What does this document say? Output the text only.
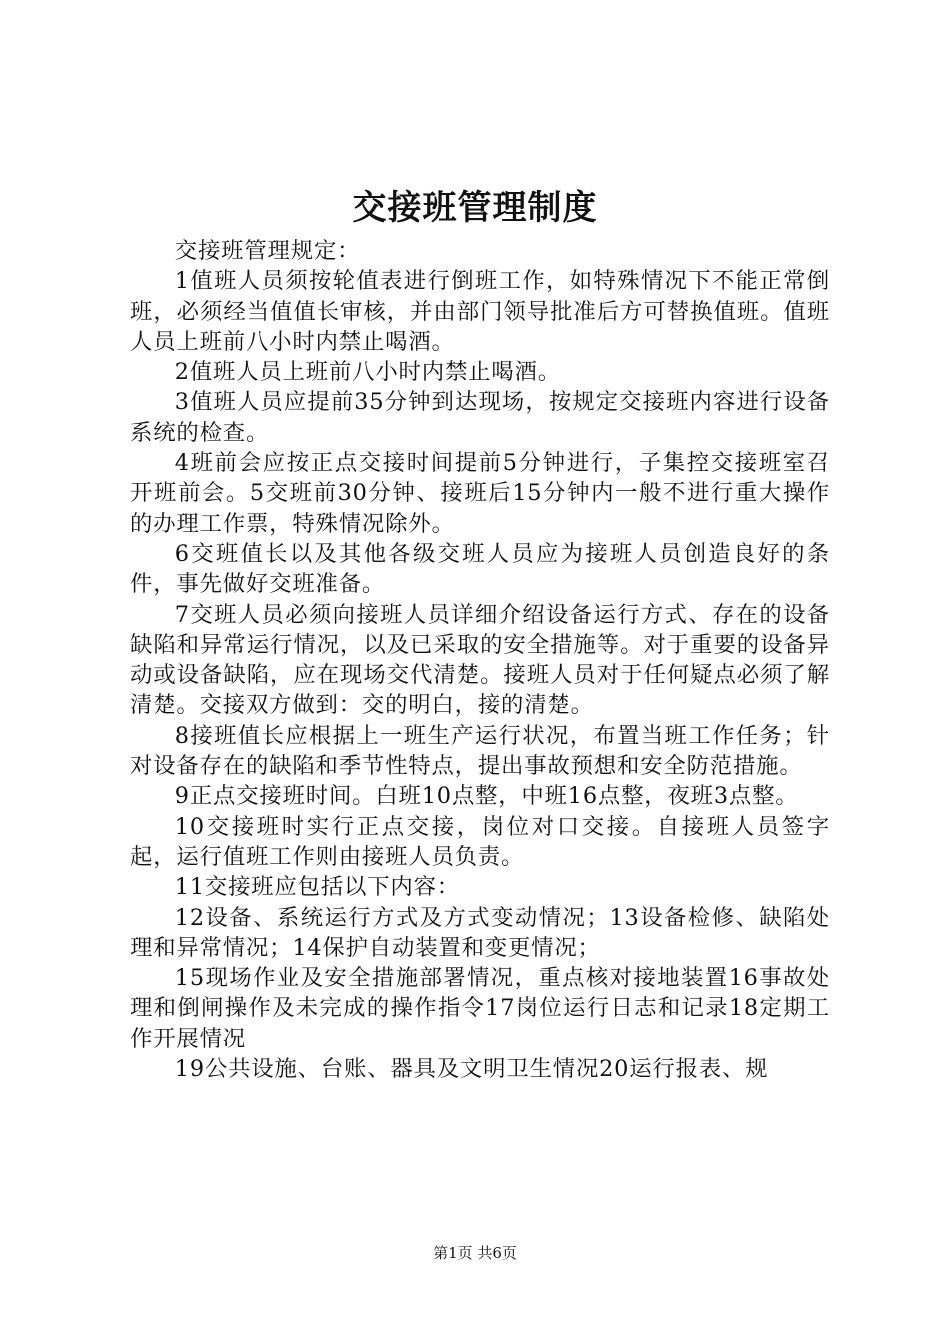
交接班管理制度

交接班管理规定：

1值班人员须按轮值表进行倒班工作，如特殊情况下不能正常倒班，必须经当值值长审核，并由部门领导批准后方可替换值班。值班人员上班前八小时内禁止喝酒。

2值班人员上班前八小时内禁止喝酒。

3值班人员应提前35分钟到达现场，按规定交接班内容进行设备系统的检查。

4班前会应按正点交接时间提前5分钟进行，子集控交接班室召开班前会。5交班前30分钟、接班后15分钟内一般不进行重大操作的办理工作票，特殊情况除外。

6交班值长以及其他各级交班人员应为接班人员创造良好的条件，事先做好交班准备。

7交班人员必须向接班人员详细介绍设备运行方式、存在的设备缺陷和异常运行情况，以及已采取的安全措施等。对于重要的设备异动或设备缺陷，应在现场交代清楚。接班人员对于任何疑点必须了解清楚。交接双方做到：交的明白，接的清楚。

8接班值长应根据上一班生产运行状况，布置当班工作任务；针对设备存在的缺陷和季节性特点，提出事故预想和安全防范措施。

9正点交接班时间。白班10点整，中班16点整，夜班3点整。

10交接班时实行正点交接，岗位对口交接。自接班人员签字起，运行值班工作则由接班人员负责。

11交接班应包括以下内容：

12设备、系统运行方式及方式变动情况；13设备检修、缺陷处理和异常情况；14保护自动装置和变更情况；

15现场作业及安全措施部署情况，重点核对接地装置16事故处理和倒闸操作及未完成的操作指令17岗位运行日志和记录18定期工作开展情况

19公共设施、台账、器具及文明卫生情况20运行报表、规

第1页 共6页
